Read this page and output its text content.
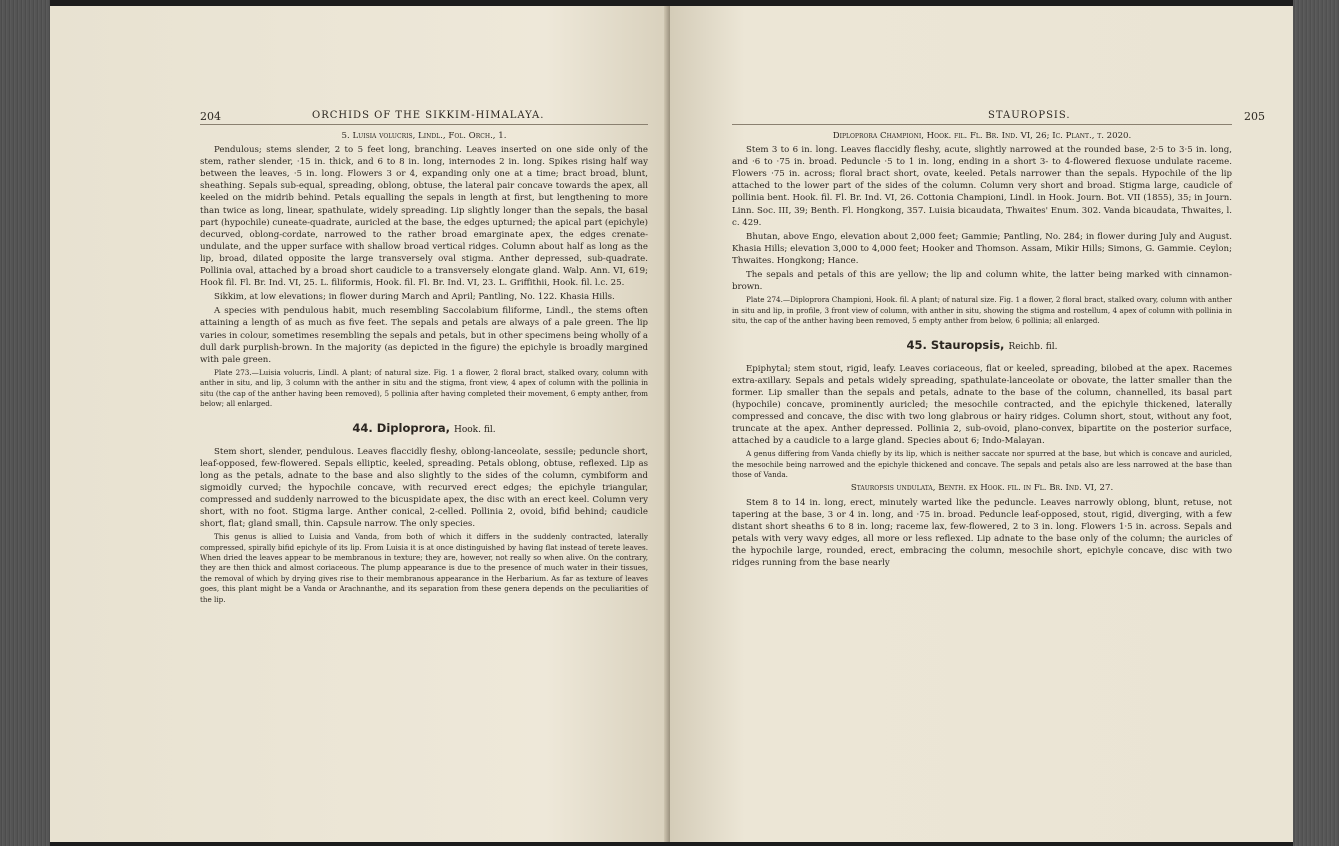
204	ORCHIDS OF THE SIKKIM-HIMALAYA.

5. Luisia volucris, Lindl., Fol. Orch., 1.

Pendulous; stems slender, 2 to 5 feet long, branching. Leaves inserted on one side only of the stem, rather slender, ·15 in. thick, and 6 to 8 in. long, internodes 2 in. long. Spikes rising half way between the leaves, ·5 in. long. Flowers 3 or 4, expanding only one at a time; bract broad, blunt, sheathing. Sepals sub-equal, spreading, oblong, obtuse, the lateral pair concave towards the apex, all keeled on the midrib behind. Petals equalling the sepals in length at first, but lengthening to more than twice as long, linear, spathulate, widely spreading. Lip slightly longer than the sepals, the basal part (hypochile) cuneate-quadrate, auricled at the base, the edges upturned; the apical part (epichyle) decurved, oblong-cordate, narrowed to the rather broad emarginate apex, the edges crenate-undulate, and the upper surface with shallow broad vertical ridges. Column about half as long as the lip, broad, dilated opposite the large transversely oval stigma. Anther depressed, sub-quadrate. Pollinia oval, attached by a broad short caudicle to a transversely elongate gland. Walp. Ann. VI, 619; Hook fil. Fl. Br. Ind. VI, 25. L. filiformis, Hook. fil. Fl. Br. Ind. VI, 23. L. Griffithii, Hook. fil. l.c. 25.

Sikkim, at low elevations; in flower during March and April; Pantling, No. 122. Khasia Hills.

A species with pendulous habit, much resembling Saccolabium filiforme, Lindl., the stems often attaining a length of as much as five feet. The sepals and petals are always of a pale green. The lip varies in colour, sometimes resembling the sepals and petals, but in other specimens being wholly of a dull dark purplish-brown. In the majority (as depicted in the figure) the epichyle is broadly margined with pale green.

Plate 273.—Luisia volucris, Lindl. A plant; of natural size. Fig. 1 a flower, 2 floral bract, stalked ovary, column with anther in situ, and lip, 3 column with the anther in situ and the stigma, front view, 4 apex of column with the pollinia in situ (the cap of the anther having been removed), 5 pollinia after having completed their movement, 6 empty anther, from below; all enlarged.

44. Diploprora, Hook. fil.

Stem short, slender, pendulous. Leaves flaccidly fleshy, oblong-lanceolate, sessile; peduncle short, leaf-opposed, few-flowered. Sepals elliptic, keeled, spreading. Petals oblong, obtuse, reflexed. Lip as long as the petals, adnate to the base and also slightly to the sides of the column, cymbiform and sigmoidly curved; the hypochile concave, with recurved erect edges; the epichyle triangular, compressed and suddenly narrowed to the bicuspidate apex, the disc with an erect keel. Column very short, with no foot. Stigma large. Anther conical, 2-celled. Pollinia 2, ovoid, bifid behind; caudicle short, flat; gland small, thin. Capsule narrow. The only species.

This genus is allied to Luisia and Vanda, from both of which it differs in the suddenly contracted, laterally compressed, spirally bifid epichyle of its lip. From Luisia it is at once distinguished by having flat instead of terete leaves. When dried the leaves appear to be membranous in texture; they are, however, not really so when alive. On the contrary, they are then thick and almost coriaceous. The plump appearance is due to the presence of much water in their tissues, the removal of which by drying gives rise to their membranous appearance in the Herbarium. As far as texture of leaves goes, this plant might be a Vanda or Arachnanthe, and its separation from these genera depends on the peculiarities of the lip.

STAUROPSIS.	205

Diploprora Championi, Hook. fil. Fl. Br. Ind. VI, 26; Ic. Plant., t. 2020.

Stem 3 to 6 in. long. Leaves flaccidly fleshy, acute, slightly narrowed at the rounded base, 2·5 to 3·5 in. long, and ·6 to ·75 in. broad. Peduncle ·5 to 1 in. long, ending in a short 3- to 4-flowered flexuose undulate raceme. Flowers ·75 in. across; floral bract short, ovate, keeled. Petals narrower than the sepals. Hypochile of the lip attached to the lower part of the sides of the column. Column very short and broad. Stigma large, caudicle of pollinia bent. Hook. fil. Fl. Br. Ind. VI, 26. Cottonia Championi, Lindl. in Hook. Journ. Bot. VII (1855), 35; in Journ. Linn. Soc. III, 39; Benth. Fl. Hongkong, 357. Luisia bicaudata, Thwaites' Enum. 302. Vanda bicaudata, Thwaites, l. c. 429.

Bhutan, above Engo, elevation about 2,000 feet; Gammie; Pantling, No. 284; in flower during July and August. Khasia Hills; elevation 3,000 to 4,000 feet; Hooker and Thomson. Assam, Mikir Hills; Simons, G. Gammie. Ceylon; Thwaites. Hongkong; Hance.

The sepals and petals of this are yellow; the lip and column white, the latter being marked with cinnamon-brown.

Plate 274.—Diploprora Championi, Hook. fil. A plant; of natural size. Fig. 1 a flower, 2 floral bract, stalked ovary, column with anther in situ and lip, in profile, 3 front view of column, with anther in situ, showing the stigma and rostellum, 4 apex of column with pollinia in situ, the cap of the anther having been removed, 5 empty anther from below, 6 pollinia; all enlarged.

45. Stauropsis, Reichb. fil.

Epiphytal; stem stout, rigid, leafy. Leaves coriaceous, flat or keeled, spreading, bilobed at the apex. Racemes extra-axillary. Sepals and petals widely spreading, spathulate-lanceolate or obovate, the latter smaller than the former. Lip smaller than the sepals and petals, adnate to the base of the column, channelled, its basal part (hypochile) concave, prominently auricled; the mesochile contracted, and the epichyle thickened, laterally compressed and concave, the disc with two long glabrous or hairy ridges. Column short, stout, without any foot, truncate at the apex. Anther depressed. Pollinia 2, sub-ovoid, plano-convex, bipartite on the posterior surface, attached by a caudicle to a large gland. Species about 6; Indo-Malayan.

A genus differing from Vanda chiefly by its lip, which is neither saccate nor spurred at the base, but which is concave and auricled, the mesochile being narrowed and the epichyle thickened and concave. The sepals and petals also are less narrowed at the base than those of Vanda.

Stauropsis undulata, Benth. ex Hook. fil. in Fl. Br. Ind. VI, 27.

Stem 8 to 14 in. long, erect, minutely warted like the peduncle. Leaves narrowly oblong, blunt, retuse, not tapering at the base, 3 or 4 in. long, and ·75 in. broad. Peduncle leaf-opposed, stout, rigid, diverging, with a few distant short sheaths 6 to 8 in. long; raceme lax, few-flowered, 2 to 3 in. long. Flowers 1·5 in. across. Sepals and petals with very wavy edges, all more or less reflexed. Lip adnate to the base only of the column; the auricles of the hypochile large, rounded, erect, embracing the column, mesochile short, epichyle concave, disc with two ridges running from the base nearly
